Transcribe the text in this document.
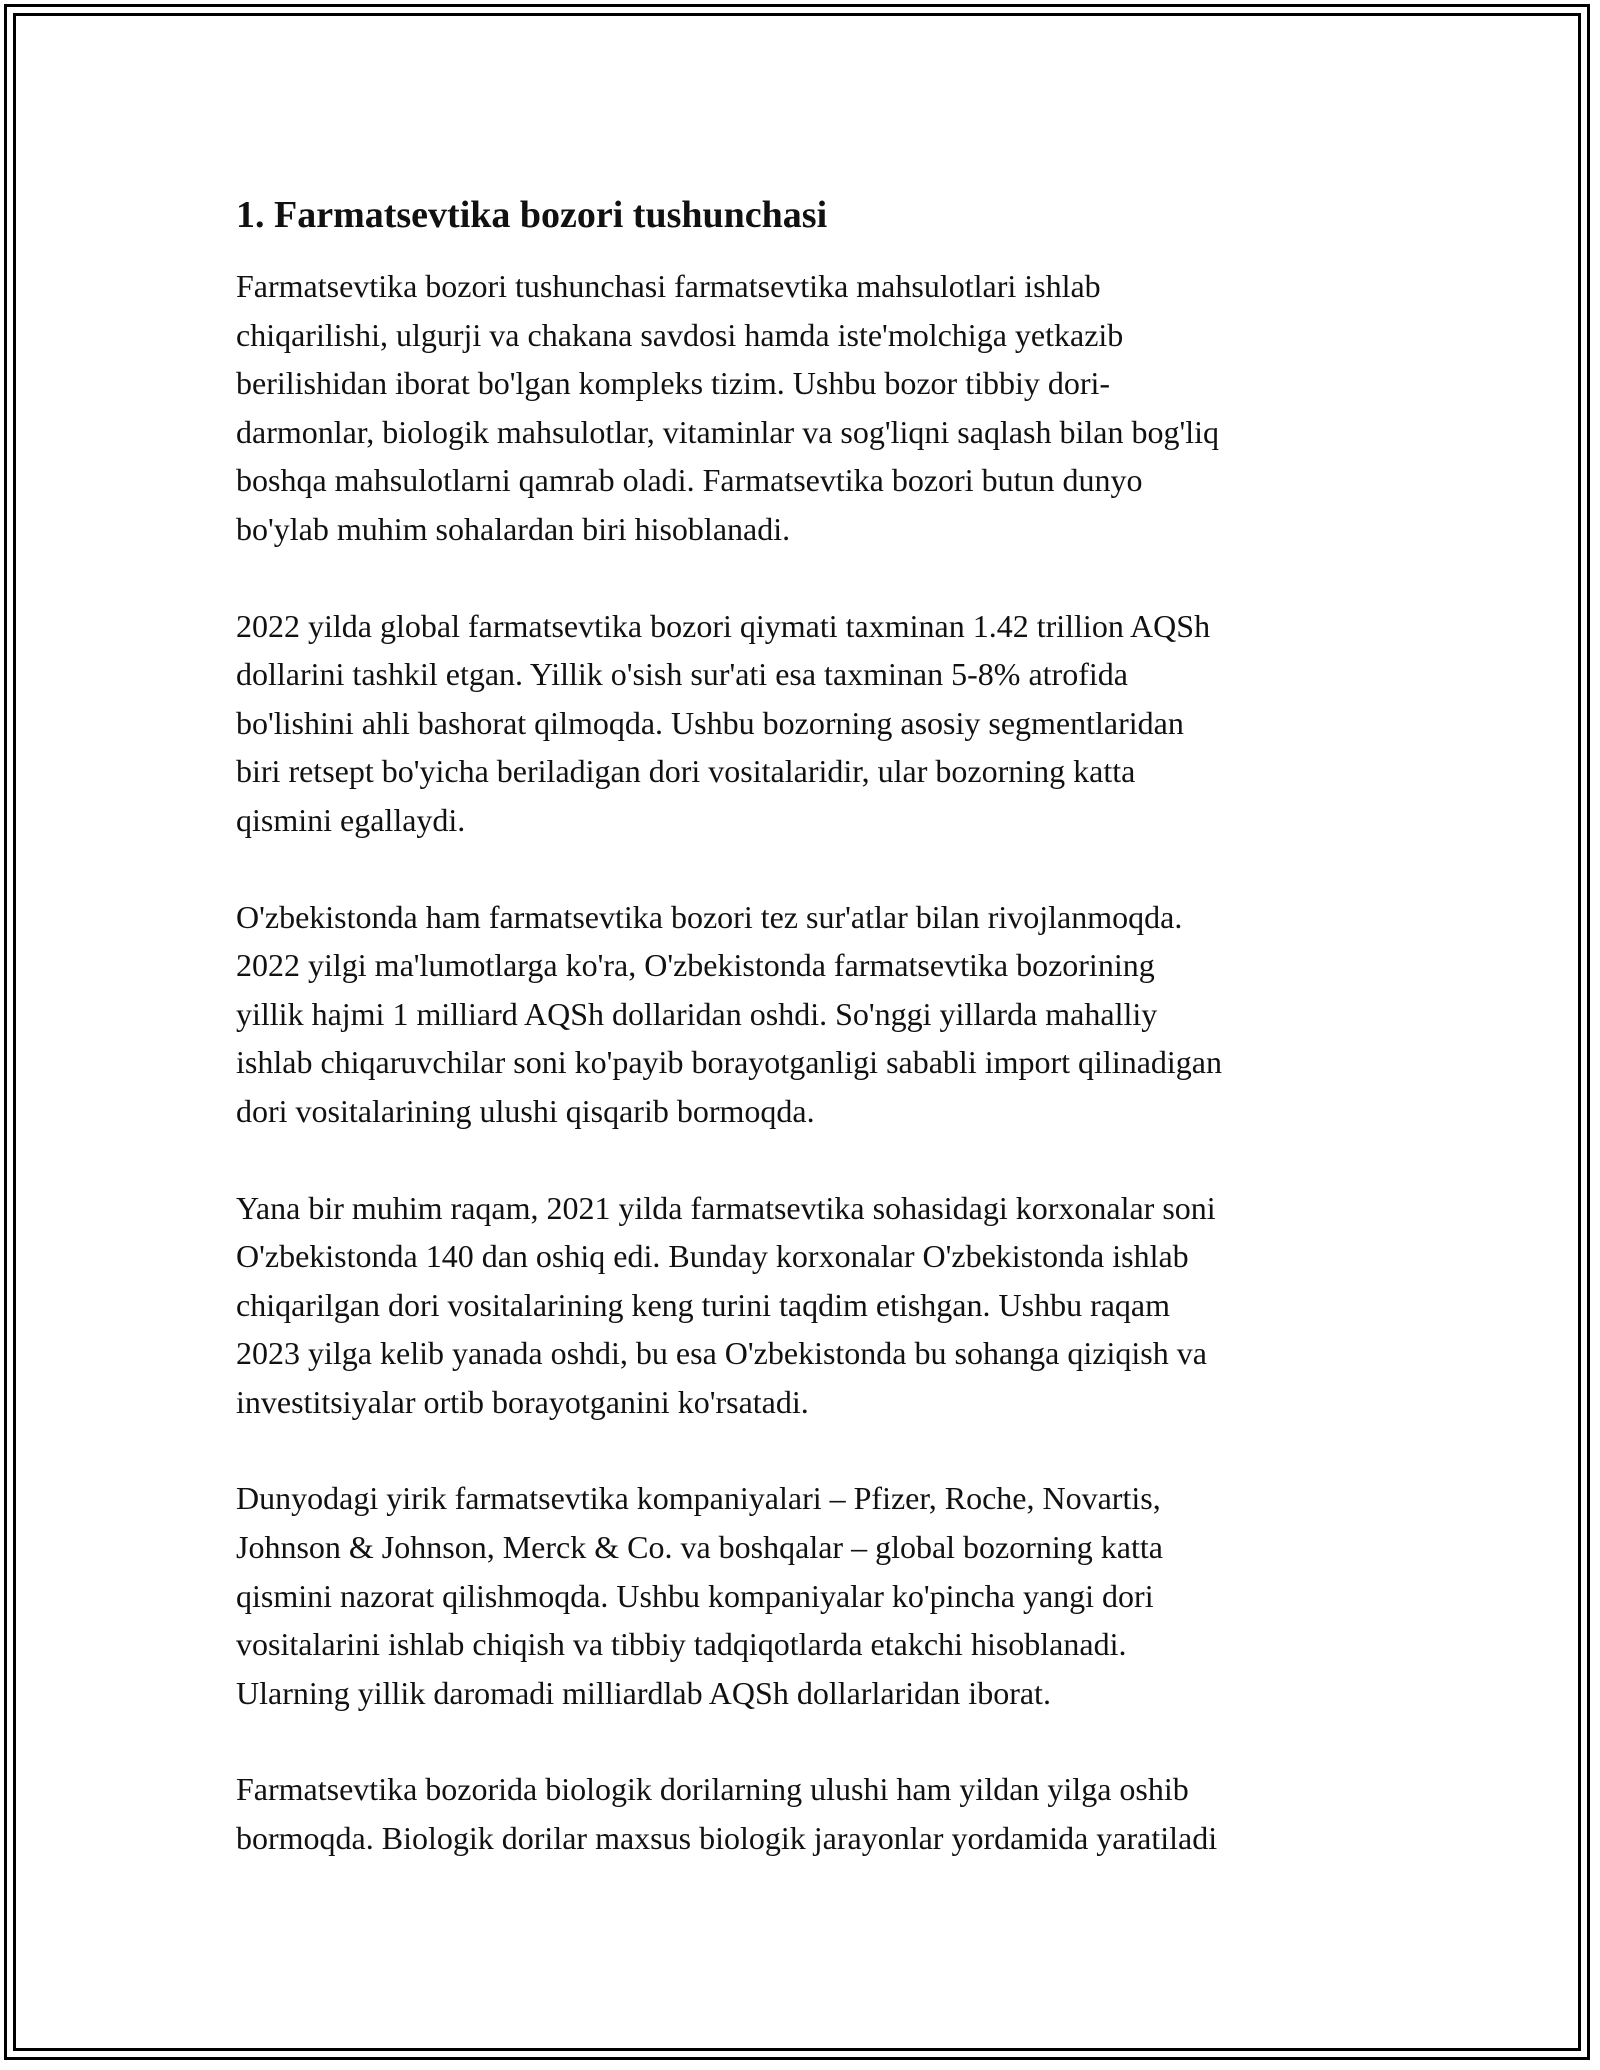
1. Farmatsevtika bozori tushunchasi

Farmatsevtika bozori tushunchasi farmatsevtika mahsulotlari ishlab
chiqarilishi, ulgurji va chakana savdosi hamda iste'molchiga yetkazib
berilishidan iborat bo'lgan kompleks tizim. Ushbu bozor tibbiy dori-
darmonlar, biologik mahsulotlar, vitaminlar va sog'liqni saqlash bilan bog'liq
boshqa mahsulotlarni qamrab oladi. Farmatsevtika bozori butun dunyo
bo'ylab muhim sohalardan biri hisoblanadi.

2022 yilda global farmatsevtika bozori qiymati taxminan 1.42 trillion AQSh
dollarini tashkil etgan. Yillik o'sish sur'ati esa taxminan 5-8% atrofida
bo'lishini ahli bashorat qilmoqda. Ushbu bozorning asosiy segmentlaridan
biri retsept bo'yicha beriladigan dori vositalaridir, ular bozorning katta
qismini egallaydi.

O'zbekistonda ham farmatsevtika bozori tez sur'atlar bilan rivojlanmoqda.
2022 yilgi ma'lumotlarga ko'ra, O'zbekistonda farmatsevtika bozorining
yillik hajmi 1 milliard AQSh dollaridan oshdi. So'nggi yillarda mahalliy
ishlab chiqaruvchilar soni ko'payib borayotganligi sababli import qilinadigan
dori vositalarining ulushi qisqarib bormoqda.

Yana bir muhim raqam, 2021 yilda farmatsevtika sohasidagi korxonalar soni
O'zbekistonda 140 dan oshiq edi. Bunday korxonalar O'zbekistonda ishlab
chiqarilgan dori vositalarining keng turini taqdim etishgan. Ushbu raqam
2023 yilga kelib yanada oshdi, bu esa O'zbekistonda bu sohanga qiziqish va
investitsiyalar ortib borayotganini ko'rsatadi.

Dunyodagi yirik farmatsevtika kompaniyalari – Pfizer, Roche, Novartis,
Johnson & Johnson, Merck & Co. va boshqalar – global bozorning katta
qismini nazorat qilishmoqda. Ushbu kompaniyalar ko'pincha yangi dori
vositalarini ishlab chiqish va tibbiy tadqiqotlarda etakchi hisoblanadi.
Ularning yillik daromadi milliardlab AQSh dollarlaridan iborat.

Farmatsevtika bozorida biologik dorilarning ulushi ham yildan yilga oshib
bormoqda. Biologik dorilar maxsus biologik jarayonlar yordamida yaratiladi
